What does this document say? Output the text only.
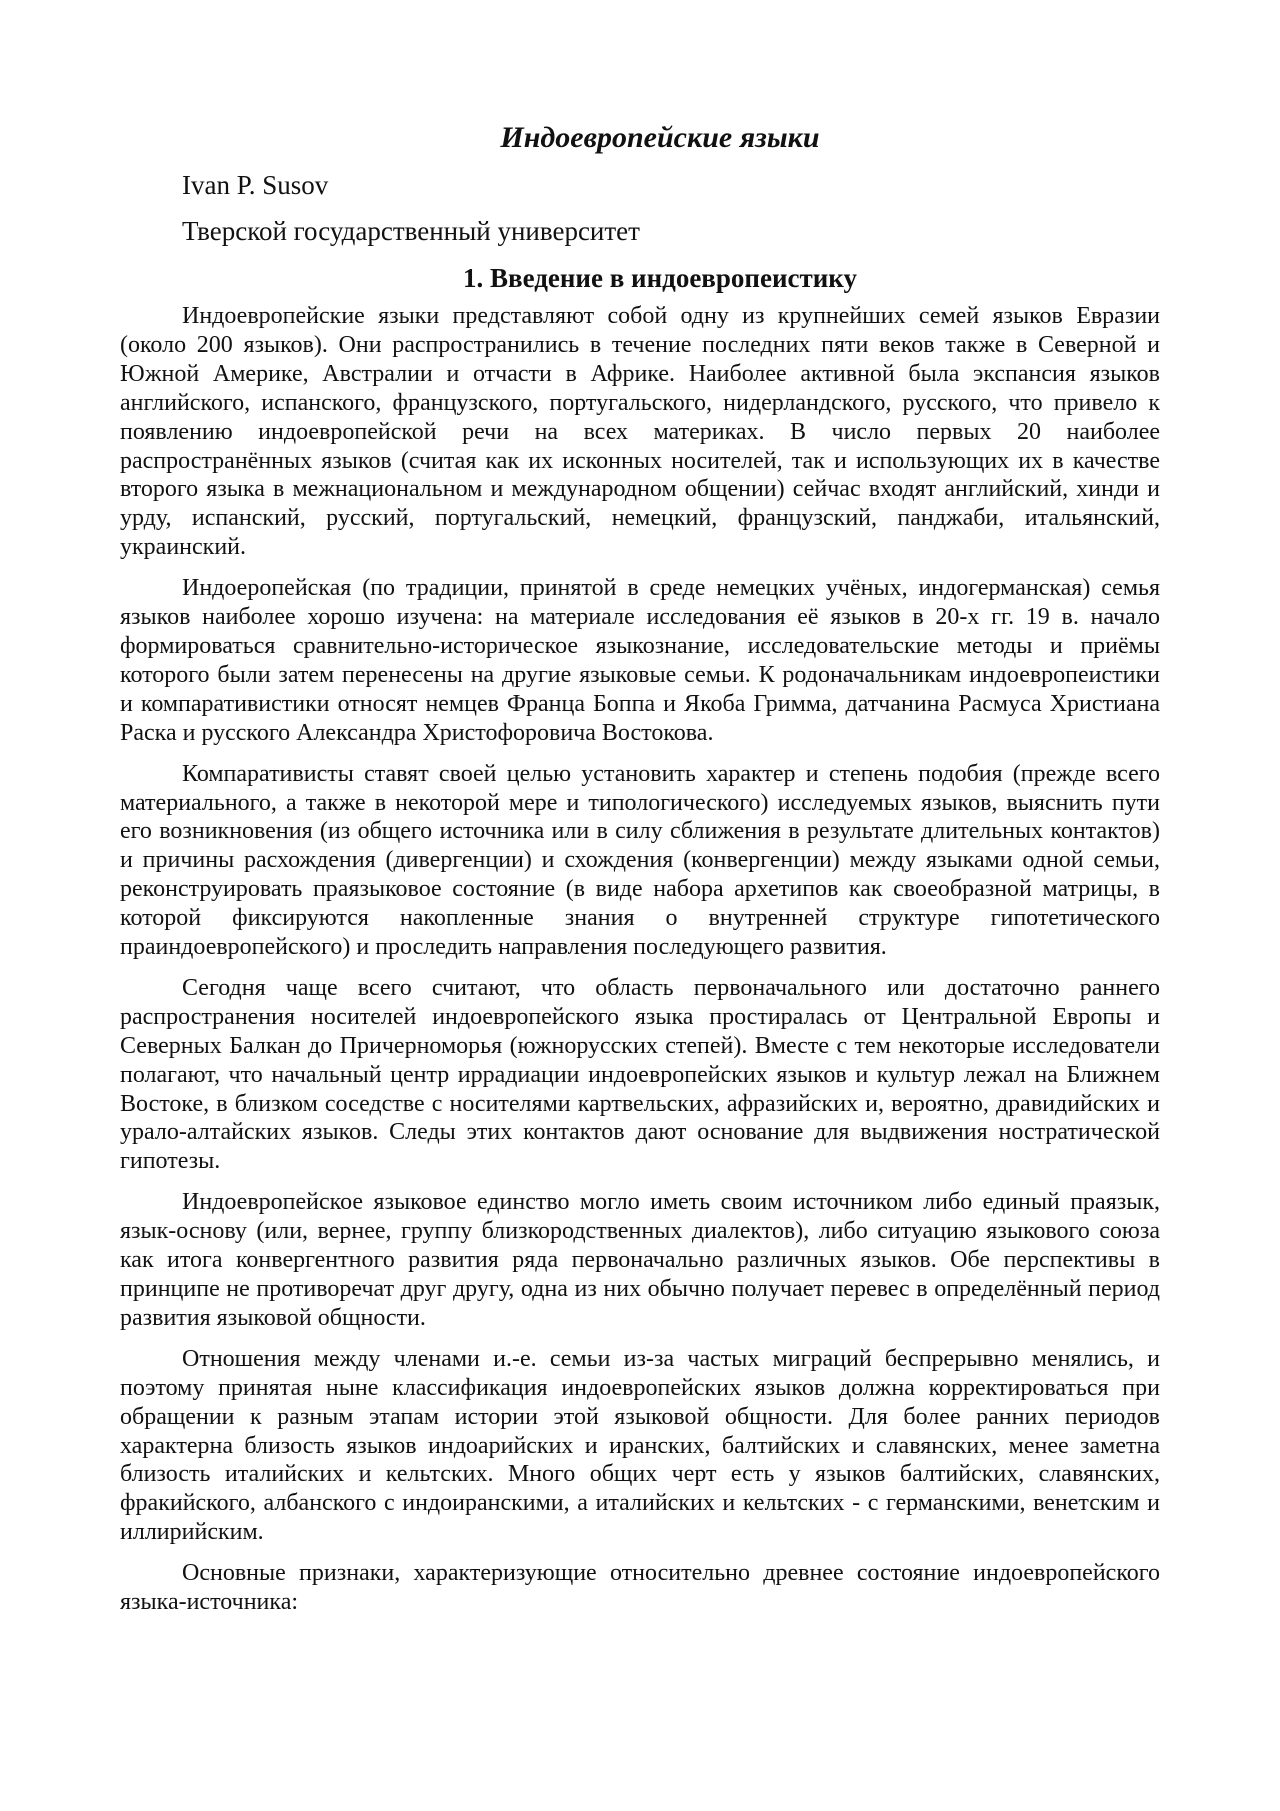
Индоевропейские языки
Ivan P. Susov
Тверской государственный университет
1. Введение в индоевропеистику

Индоевропейские языки представляют собой одну из крупнейших семей языков Евразии (около 200 языков). Они распространились в течение последних пяти веков также в Северной и Южной Америке, Австралии и отчасти в Африке. Наиболее активной была экспансия языков английского, испанского, французского, португальского, нидерландского, русского, что привело к появлению индоевропейской речи на всех материках. В число первых 20 наиболее распространённых языков (считая как их исконных носителей, так и использующих их в качестве второго языка в межнациональном и международном общении) сейчас входят английский, хинди и урду, испанский, русский, португальский, немецкий, французский, панджаби, итальянский, украинский.

Индоеропейская (по традиции, принятой в среде немецких учёных, индогерманская) семья языков наиболее хорошо изучена: на материале исследования её языков в 20-х гг. 19 в. начало формироваться сравнительно-историческое языкознание, исследовательские методы и приёмы которого были затем перенесены на другие языковые семьи. К родоначальникам индоевропеистики и компаративистики относят немцев Франца Боппа и Якоба Гримма, датчанина Расмуса Христиана Раска и русского Александра Христофоровича Востокова.

Компаративисты ставят своей целью установить характер и степень подобия (прежде всего материального, а также в некоторой мере и типологического) исследуемых языков, выяснить пути его возникновения (из общего источника или в силу сближения в результате длительных контактов) и причины расхождения (дивергенции) и схождения (конвергенции) между языками одной семьи, реконструировать праязыковое состояние (в виде набора архетипов как своеобразной матрицы, в которой фиксируются накопленные знания о внутренней структуре гипотетического праиндоевропейского) и проследить направления последующего развития.

Сегодня чаще всего считают, что область первоначального или достаточно раннего распространения носителей индоевропейского языка простиралась от Центральной Европы и Северных Балкан до Причерноморья (южнорусских степей). Вместе с тем некоторые исследователи полагают, что начальный центр иррадиации индоевропейских языков и культур лежал на Ближнем Востоке, в близком соседстве с носителями картвельских, афразийских и, вероятно, дравидийских и урало-алтайских языков. Следы этих контактов дают основание для выдвижения ностратической гипотезы.

Индоевропейское языковое единство могло иметь своим источником либо единый праязык, язык-основу (или, вернее, группу близкородственных диалектов), либо ситуацию языкового союза как итога конвергентного развития ряда первоначально различных языков. Обе перспективы в принципе не противоречат друг другу, одна из них обычно получает перевес в определённый период развития языковой общности.

Отношения между членами и.-е. семьи из-за частых миграций беспрерывно менялись, и поэтому принятая ныне классификация индоевропейских языков должна корректироваться при обращении к разным этапам истории этой языковой общности. Для более ранних периодов характерна близость языков индоарийских и иранских, балтийских и славянских, менее заметна близость италийских и кельтских. Много общих черт есть у языков балтийских, славянских, фракийского, албанского с индоиранскими, а италийских и кельтских - с германскими, венетским и иллирийским.

Основные признаки, характеризующие относительно древнее состояние индоевропейского языка-источника:
